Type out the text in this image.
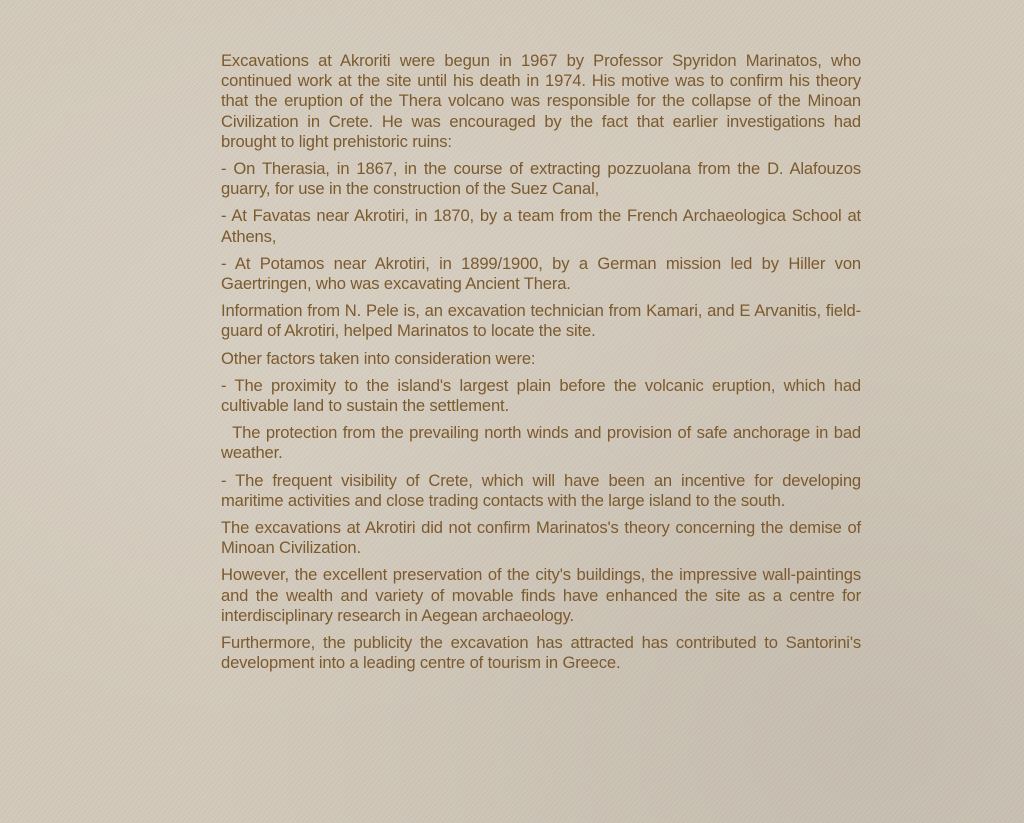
Excavations at Akroriti were begun in 1967 by Professor Spyridon Marinatos, who continued work at the site until his death in 1974. His motive was to confirm his theory that the eruption of the Thera volcano was responsible for the collapse of the Minoan Civilization in Crete. He was encouraged by the fact that earlier investigations had brought to light prehistoric ruins:

- On Therasia, in 1867, in the course of extracting pozzuolana from the D. Alafouzos guarry, for use in the construction of the Suez Canal,

- At Favatas near Akrotiri, in 1870, by a team from the French Archaeologica School at Athens,

- At Potamos near Akrotiri, in 1899/1900, by a German mission led by Hiller von Gaertringen, who was excavating Ancient Thera.

Information from N. Pele is, an excavation technician from Kamari, and E Arvanitis, field-guard of Akrotiri, helped Marinatos to locate the site.

Other factors taken into consideration were:

- The proximity to the island's largest plain before the volcanic eruption, which had cultivable land to sustain the settlement.

The protection from the prevailing north winds and provision of safe anchorage in bad weather.

- The frequent visibility of Crete, which will have been an incentive for developing maritime activities and close trading contacts with the large island to the south.

The excavations at Akrotiri did not confirm Marinatos's theory concerning the demise of Minoan Civilization.

However, the excellent preservation of the city's buildings, the impressive wall-paintings and the wealth and variety of movable finds have enhanced the site as a centre for interdisciplinary research in Aegean archaeology.

Furthermore, the publicity the excavation has attracted has contributed to Santorini's development into a leading centre of tourism in Greece.
